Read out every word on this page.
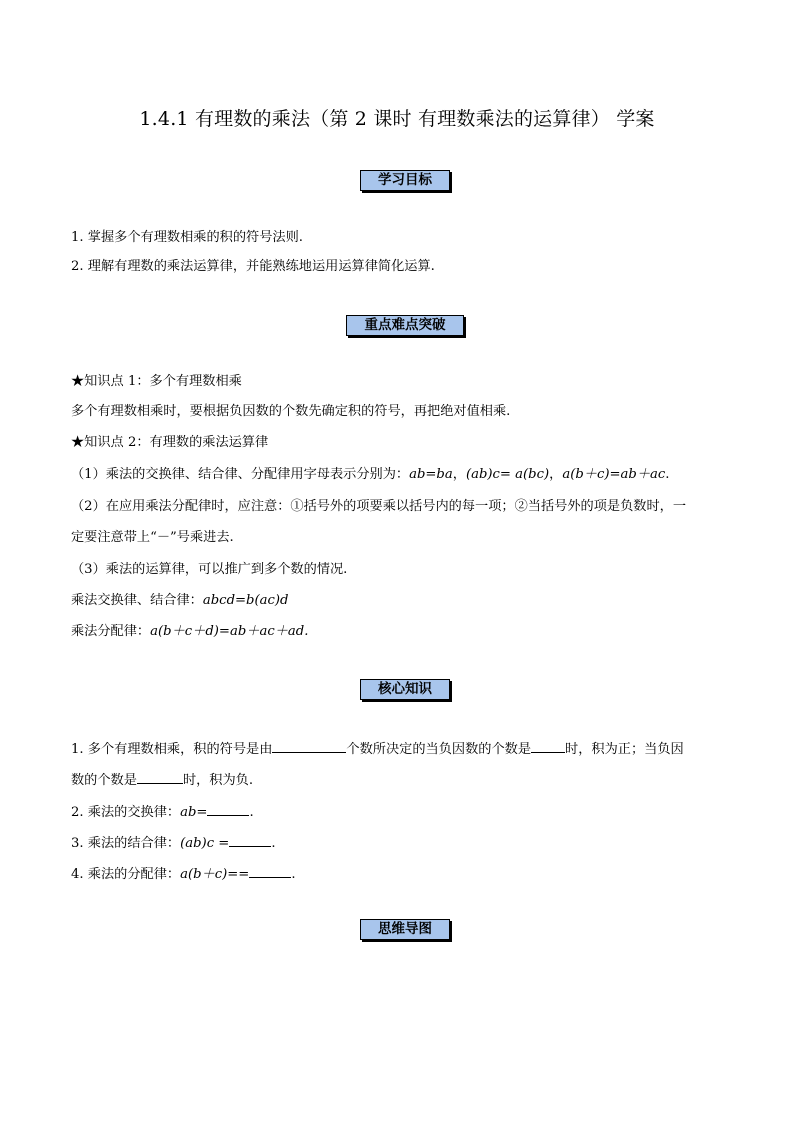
1.4.1 有理数的乘法（第 2 课时 有理数乘法的运算律） 学案
学习目标
1. 掌握多个有理数相乘的积的符号法则.
2. 理解有理数的乘法运算律，并能熟练地运用运算律简化运算.
重点难点突破
★知识点 1：多个有理数相乘
多个有理数相乘时，要根据负因数的个数先确定积的符号，再把绝对值相乘.
★知识点 2：有理数的乘法运算律
（1）乘法的交换律、结合律、分配律用字母表示分别为：ab=ba，(ab)c= a(bc)，a(b＋c)=ab＋ac.
（2）在应用乘法分配律时，应注意：①括号外的项要乘以括号内的每一项；②当括号外的项是负数时，一
定要注意带上“－”号乘进去.
（3）乘法的运算律，可以推广到多个数的情况.
乘法交换律、结合律：abcd=b(ac)d
乘法分配律：a(b＋c＋d)=ab＋ac＋ad.
核心知识
1. 多个有理数相乘，积的符号是由	个数所决定的当负因数的个数是	时，积为正；当负因
数的个数是	时，积为负.
2. 乘法的交换律：ab=	.
3. 乘法的结合律：(ab)c =	.
4. 乘法的分配律：a(b＋c)==	.
思维导图
